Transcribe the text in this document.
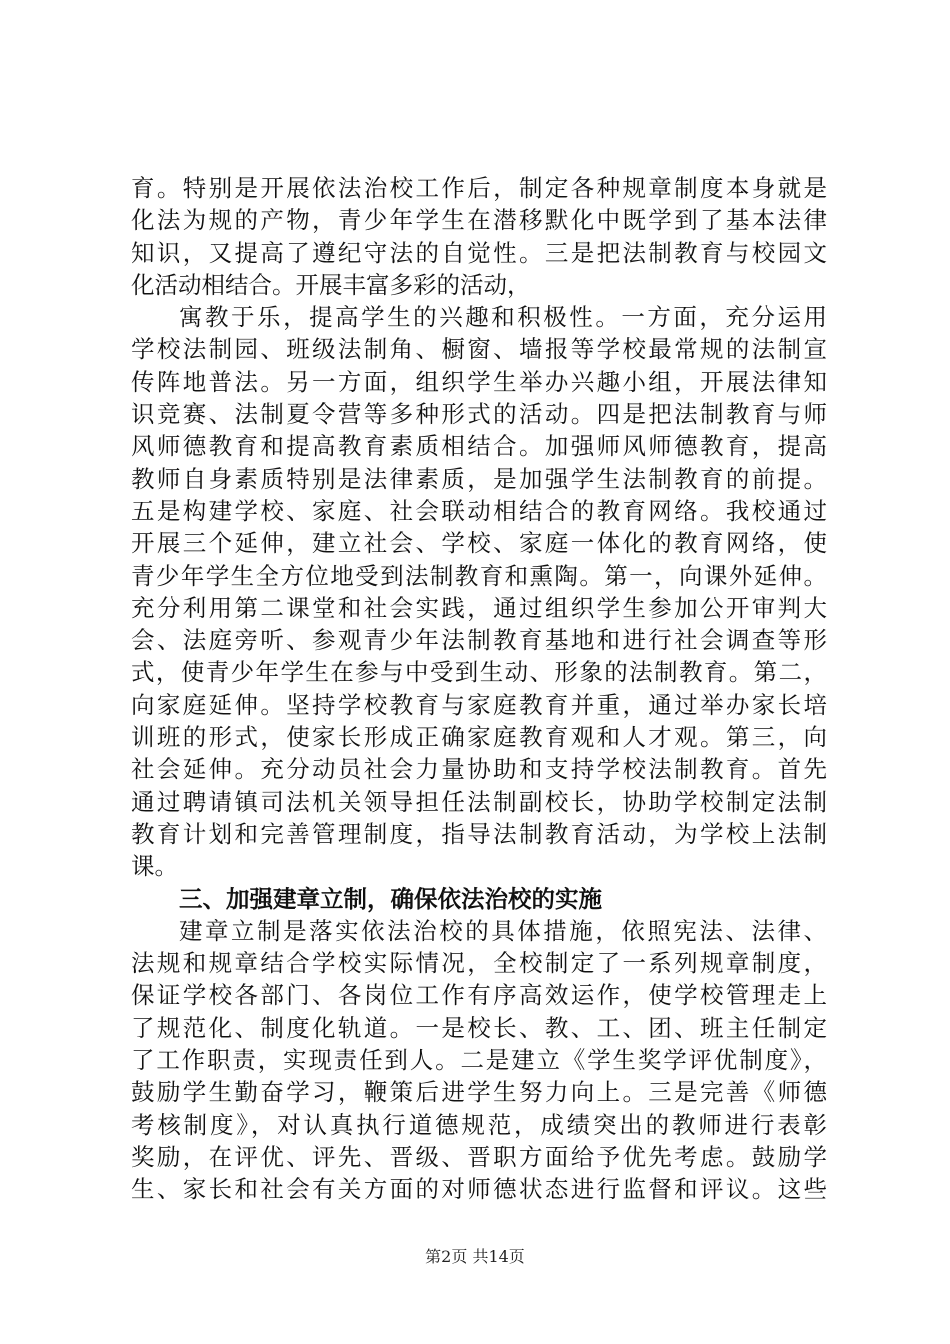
育。特别是开展依法治校工作后，制定各种规章制度本身就是
化法为规的产物，青少年学生在潜移默化中既学到了基本法律
知识，又提高了遵纪守法的自觉性。三是把法制教育与校园文
化活动相结合。开展丰富多彩的活动，
寓教于乐，提高学生的兴趣和积极性。一方面，充分运用
学校法制园、班级法制角、橱窗、墙报等学校最常规的法制宣
传阵地普法。另一方面，组织学生举办兴趣小组，开展法律知
识竞赛、法制夏令营等多种形式的活动。四是把法制教育与师
风师德教育和提高教育素质相结合。加强师风师德教育，提高
教师自身素质特别是法律素质，是加强学生法制教育的前提。
五是构建学校、家庭、社会联动相结合的教育网络。我校通过
开展三个延伸，建立社会、学校、家庭一体化的教育网络，使
青少年学生全方位地受到法制教育和熏陶。第一，向课外延伸。
充分利用第二课堂和社会实践，通过组织学生参加公开审判大
会、法庭旁听、参观青少年法制教育基地和进行社会调查等形
式，使青少年学生在参与中受到生动、形象的法制教育。第二，
向家庭延伸。坚持学校教育与家庭教育并重，通过举办家长培
训班的形式，使家长形成正确家庭教育观和人才观。第三，向
社会延伸。充分动员社会力量协助和支持学校法制教育。首先
通过聘请镇司法机关领导担任法制副校长，协助学校制定法制
教育计划和完善管理制度，指导法制教育活动，为学校上法制
课。
三、加强建章立制，确保依法治校的实施
建章立制是落实依法治校的具体措施，依照宪法、法律、
法规和规章结合学校实际情况，全校制定了一系列规章制度，
保证学校各部门、各岗位工作有序高效运作，使学校管理走上
了规范化、制度化轨道。一是校长、教、工、团、班主任制定
了工作职责，实现责任到人。二是建立《学生奖学评优制度》，
鼓励学生勤奋学习，鞭策后进学生努力向上。三是完善《师德
考核制度》，对认真执行道德规范，成绩突出的教师进行表彰
奖励，在评优、评先、晋级、晋职方面给予优先考虑。鼓励学
生、家长和社会有关方面的对师德状态进行监督和评议。这些
第2页 共14页
